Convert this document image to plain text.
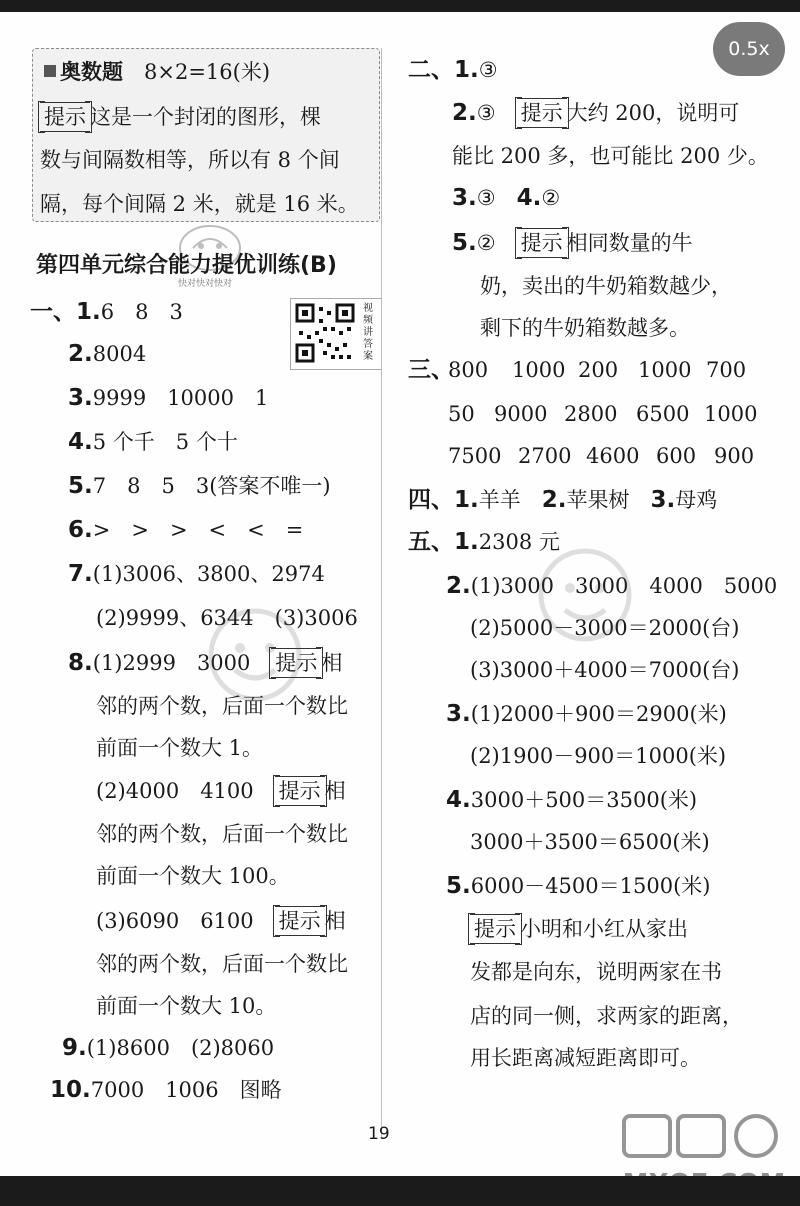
0.5x
奥数题　 8×2=16(米)
提示 这是一个封闭的图形，棵
数与间隔数相等，所以有 8 个间
隔，每个间隔 2 米，就是 16 米。
快对快对快对
第四单元综合能力提优训练(B)
视频讲答案
一、1.6　8　3
2.8004
3.9999　10000　1
4.5 个千　5 个十
5.7　8　5　3(答案不唯一)
6.>　>　>　<　<　=
7.(1)3006、3800、2974
(2)9999、6344　(3)3006
8.(1)2999　3000　 提示 相
邻的两个数，后面一个数比
前面一个数大 1。
(2)4000　4100　 提示 相
邻的两个数，后面一个数比
前面一个数大 100。
(3)6090　6100　 提示 相
邻的两个数，后面一个数比
前面一个数大 10。
9.(1)8600　(2)8060
10.7000　1006　图略
二、1.③
2.③　 提示 大约 200，说明可
能比 200 多，也可能比 200 少。
3.③　 4.②
5.②　 提示 相同数量的牛
奶，卖出的牛奶箱数越少，
剩下的牛奶箱数越多。
三、
800 1000 200 1000 700
50 9000 2800 6500 1000
7500 2700 4600 600 900
四、1.羊羊　 2.苹果树　 3.母鸡
五、1.2308 元
2.(1)3000　3000　4000　5000
(2)5000－3000＝2000(台)
(3)3000＋4000＝7000(台)
3.(1)2000＋900＝2900(米)
(2)1900－900＝1000(米)
4.3000＋500＝3500(米)
3000＋3500＝6500(米)
5.6000－4500＝1500(米)
提示 小明和小红从家出
发都是向东，说明两家在书
店的同一侧，求两家的距离，
用长距离减短距离即可。
19
